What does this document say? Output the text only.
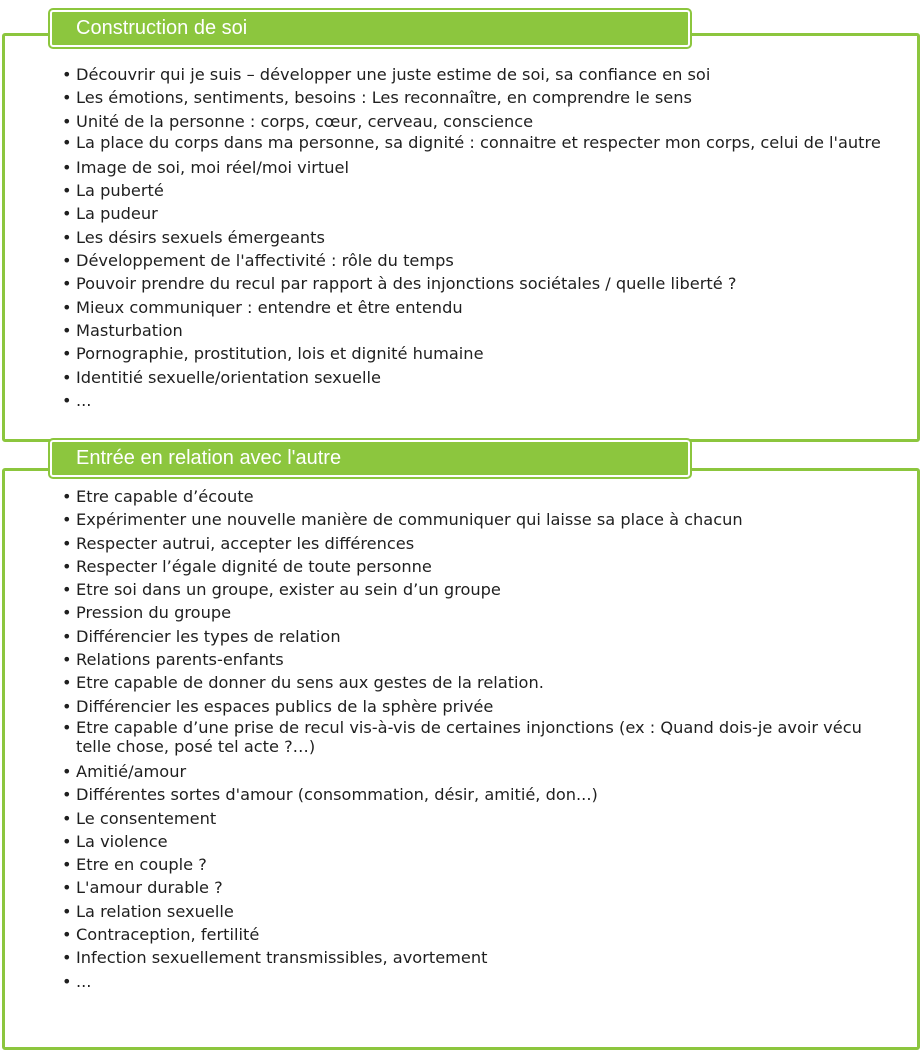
Construction de soi
• Découvrir qui je suis – développer une juste estime de soi, sa confiance en soi
• Les émotions, sentiments, besoins : Les reconnaître, en comprendre le sens
• Unité de la personne : corps, cœur, cerveau, conscience
• La place du corps dans ma personne, sa dignité : connaitre et respecter mon corps, celui de l'autre
• Image de soi, moi réel/moi virtuel
• La puberté
• La pudeur
• Les désirs sexuels émergeants
• Développement de l'affectivité : rôle du temps
• Pouvoir prendre du recul par rapport à des injonctions sociétales / quelle liberté ?
• Mieux communiquer : entendre et être entendu
• Masturbation
• Pornographie, prostitution, lois et dignité humaine
• Identitié sexuelle/orientation sexuelle
• ...
Entrée en relation avec l'autre
• Etre capable d’écoute
• Expérimenter une nouvelle manière de communiquer qui laisse sa place à chacun
• Respecter autrui, accepter les différences
• Respecter l’égale dignité de toute personne
• Etre soi dans un groupe, exister au sein d’un groupe
• Pression du groupe
• Différencier les types de relation
• Relations parents-enfants
• Etre capable de donner du sens aux gestes de la relation.
• Différencier les espaces publics de la sphère privée
• Etre capable d’une prise de recul vis-à-vis de certaines injonctions (ex : Quand dois-je avoir vécu telle chose, posé tel acte ?…)
• Amitié/amour
• Différentes sortes d'amour (consommation, désir, amitié, don...)
• Le consentement
• La violence
• Etre en couple ?
• L'amour durable ?
• La relation sexuelle
• Contraception, fertilité
• Infection sexuellement transmissibles, avortement
• ...
